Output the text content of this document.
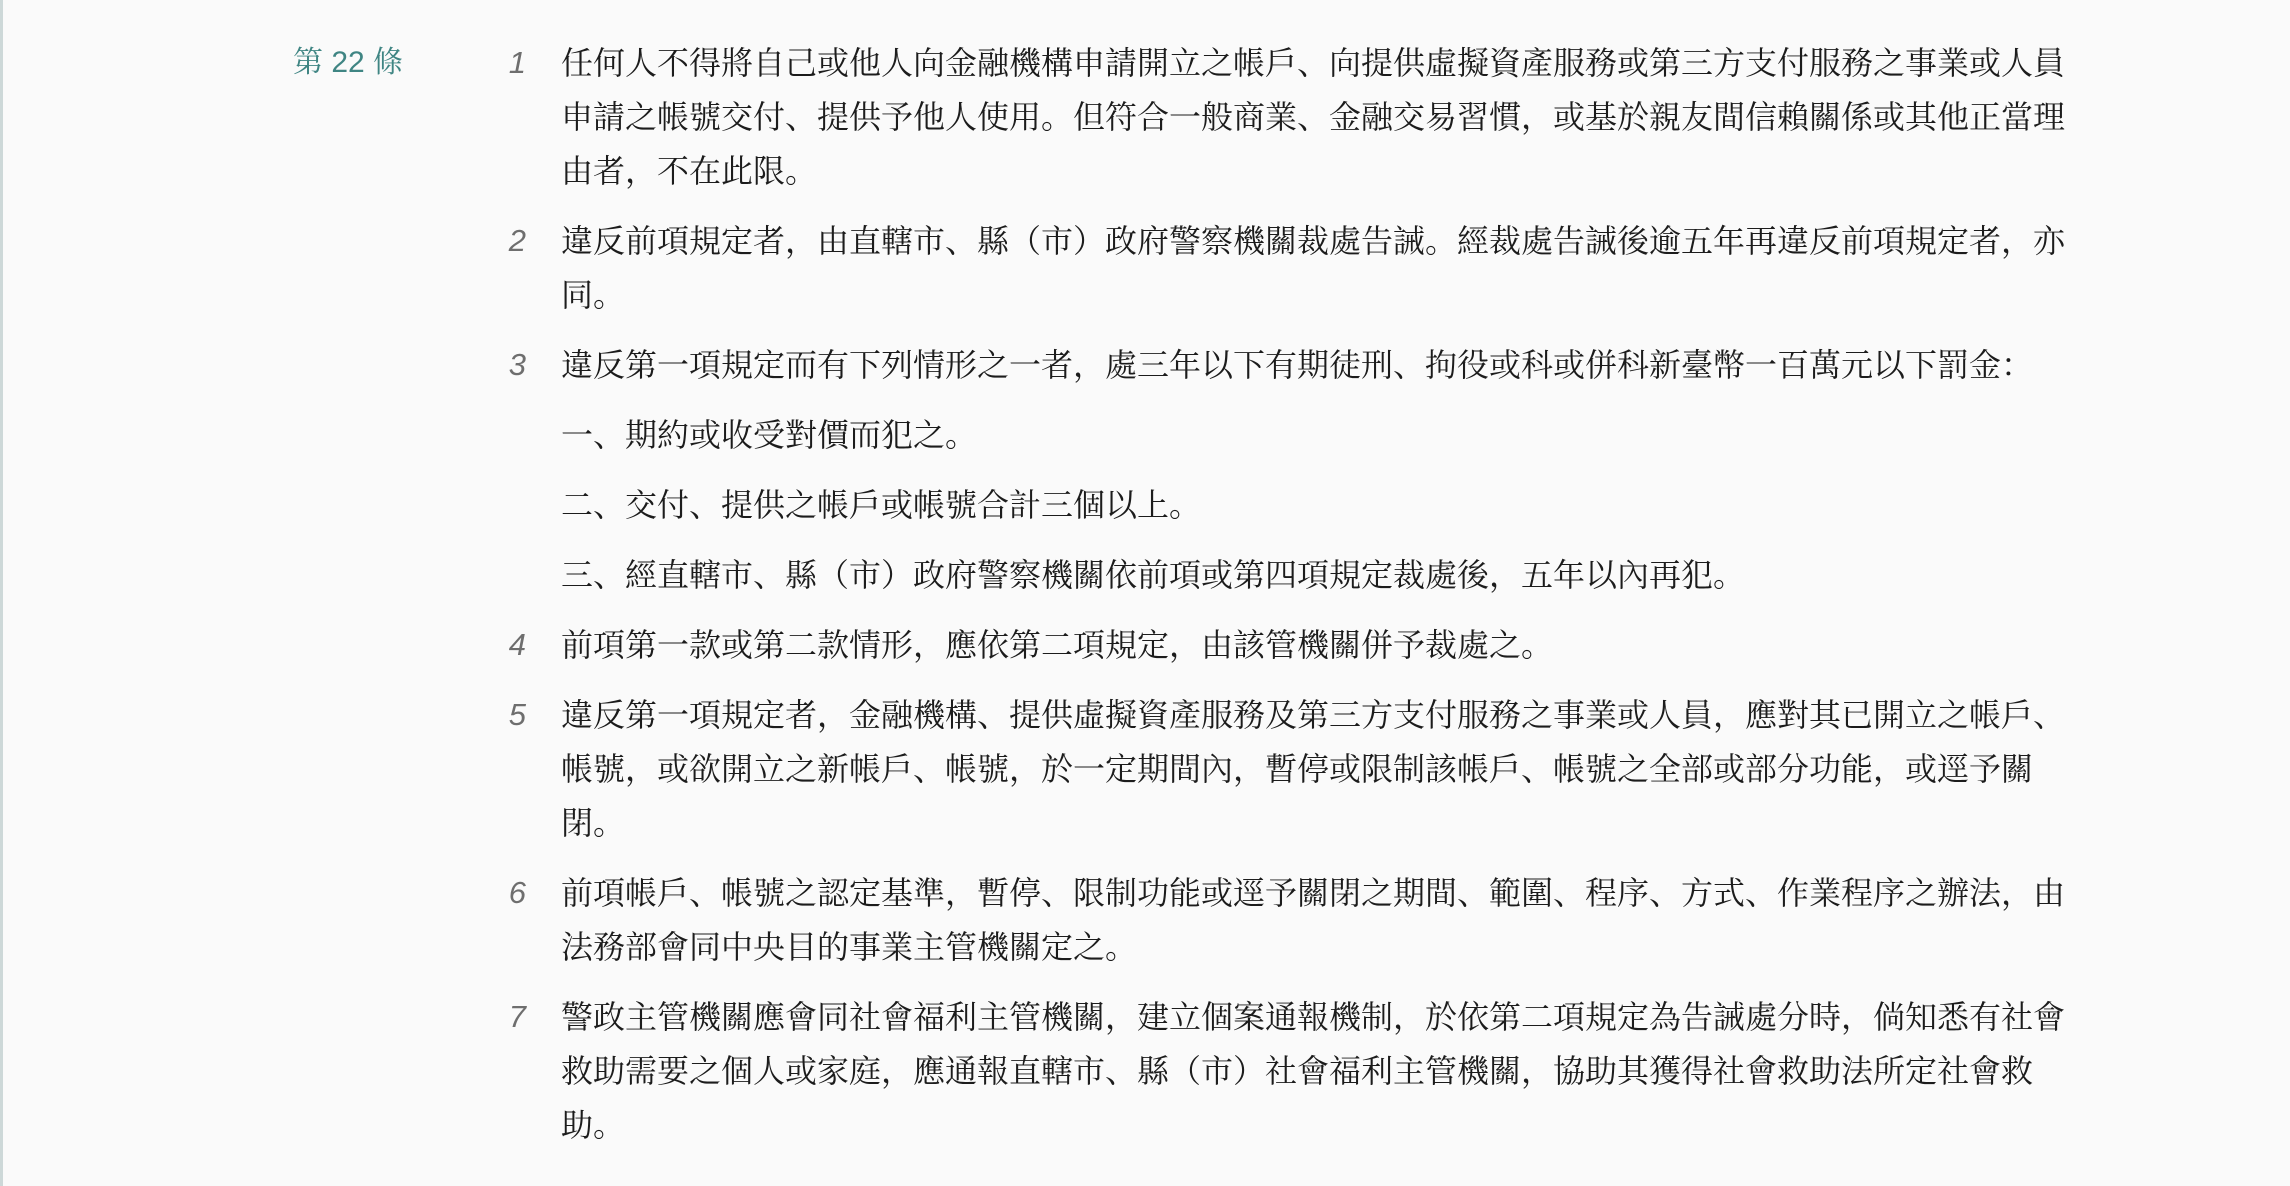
第 22 條	1	任何人不得將自己或他人向金融機構申請開立之帳戶、向提供虛擬資產服務或第三方支付服務之事業或人員
申請之帳號交付、提供予他人使用。但符合一般商業、金融交易習慣，或基於親友間信賴關係或其他正當理
由者，不在此限。
2	違反前項規定者，由直轄市、縣（市）政府警察機關裁處告誡。經裁處告誡後逾五年再違反前項規定者，亦
同。
3	違反第一項規定而有下列情形之一者，處三年以下有期徒刑、拘役或科或併科新臺幣一百萬元以下罰金：
一、期約或收受對價而犯之。
二、交付、提供之帳戶或帳號合計三個以上。
三、經直轄市、縣（市）政府警察機關依前項或第四項規定裁處後，五年以內再犯。
4	前項第一款或第二款情形，應依第二項規定，由該管機關併予裁處之。
5	違反第一項規定者，金融機構、提供虛擬資產服務及第三方支付服務之事業或人員，應對其已開立之帳戶、
帳號，或欲開立之新帳戶、帳號，於一定期間內，暫停或限制該帳戶、帳號之全部或部分功能，或逕予關
閉。
6	前項帳戶、帳號之認定基準，暫停、限制功能或逕予關閉之期間、範圍、程序、方式、作業程序之辦法，由
法務部會同中央目的事業主管機關定之。
7	警政主管機關應會同社會福利主管機關，建立個案通報機制，於依第二項規定為告誡處分時，倘知悉有社會
救助需要之個人或家庭，應通報直轄市、縣（市）社會福利主管機關，協助其獲得社會救助法所定社會救
助。
